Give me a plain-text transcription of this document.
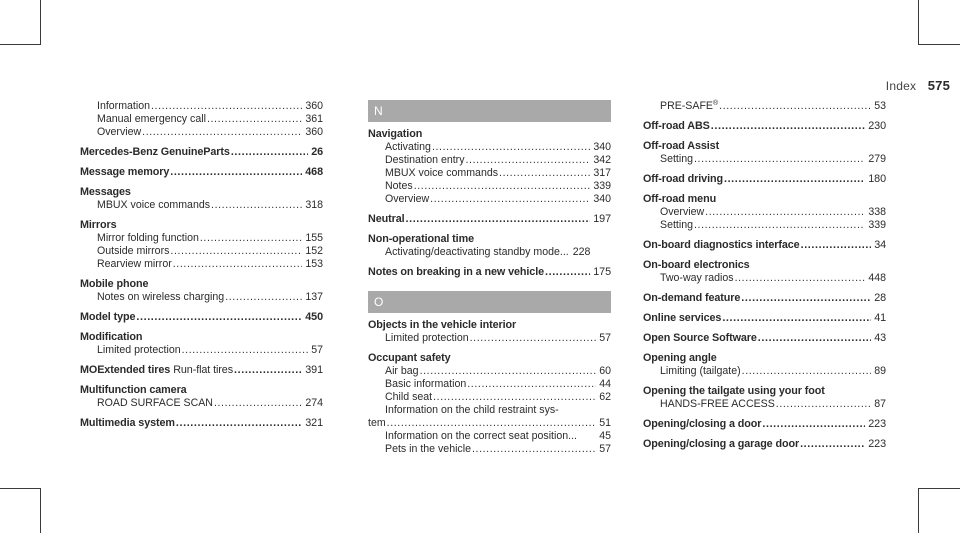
Index 575
Information .....	360
Manual emergency call .....	361
Overview .....	360
Mercedes-Benz GenuineParts .....	26
Message memory .....	468
Messages
MBUX voice commands .....	318
Mirrors
Mirror folding function .....	155
Outside mirrors .....	152
Rearview mirror .....	153
Mobile phone
Notes on wireless charging .....	137
Model type .....	450
Modification
Limited protection .....	57
MOExtended tires Run-flat tires .....	391
Multifunction camera
ROAD SURFACE SCAN .....	274
Multimedia system .....	321
N
Navigation
Activating .....	340
Destination entry .....	342
MBUX voice commands .....	317
Notes .....	339
Overview .....	340
Neutral .....	197
Non-operational time
Activating/deactivating standby mode... 228
Notes on breaking in a new vehicle .....	175
O
Objects in the vehicle interior
Limited protection .....	57
Occupant safety
Air bag .....	60
Basic information .....	44
Child seat .....	62
Information on the child restraint sys-
tem .....	51
Information on the correct seat position... 45
Pets in the vehicle .....	57
PRE-SAFE® .....	53
Off-road ABS .....	230
Off-road Assist
Setting .....	279
Off-road driving .....	180
Off-road menu
Overview .....	338
Setting .....	339
On-board diagnostics interface .....	34
On-board electronics
Two-way radios .....	448
On-demand feature .....	28
Online services .....	41
Open Source Software .....	43
Opening angle
Limiting (tailgate) .....	89
Opening the tailgate using your foot
HANDS-FREE ACCESS .....	87
Opening/closing a door .....	223
Opening/closing a garage door .....	223
